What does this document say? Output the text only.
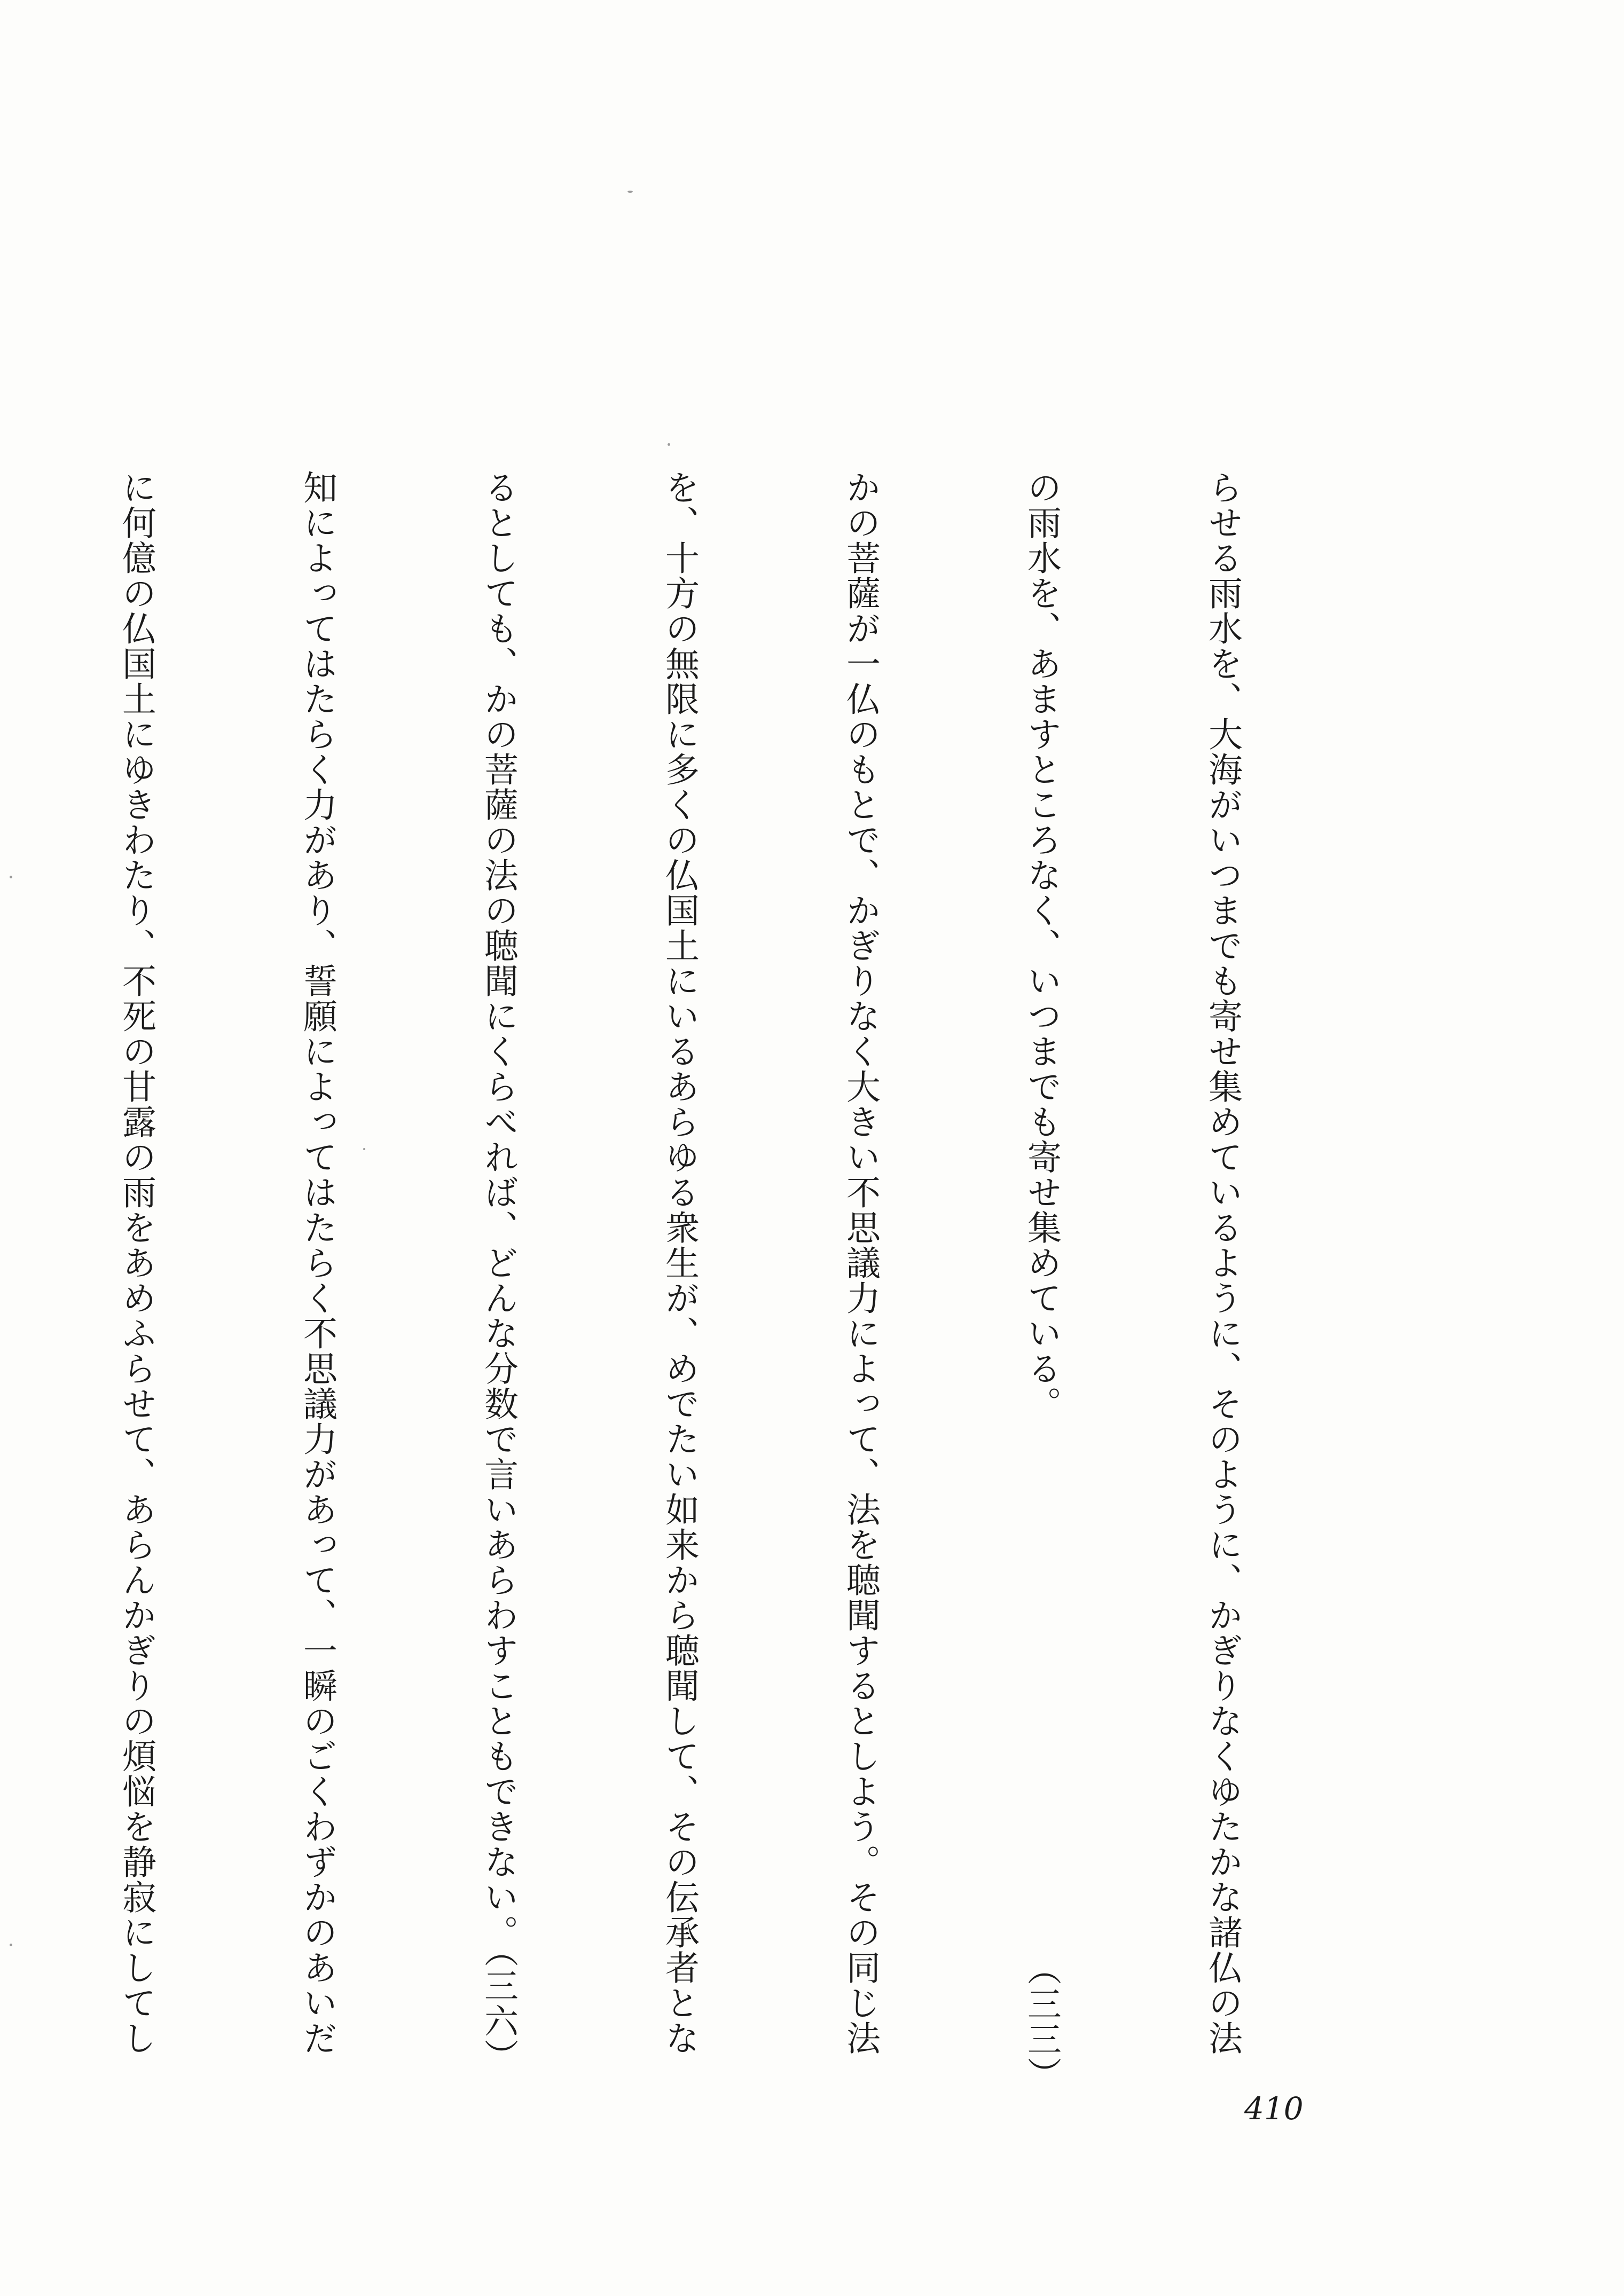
らせる雨水を、大海がいつまでも寄せ集めているように、そのように、かぎりなくゆたかな諸仏の法

の雨水を、あますところなく、いつまでも寄せ集めている。　　　　　　　　　　　　　　　　（三三）

かの菩薩が一仏のもとで、かぎりなく大きい不思議力によって、法を聴聞するとしよう。その同じ法

を、十方の無限に多くの仏国土にいるあらゆる衆生が、めでたい如来から聴聞して、その伝承者とな

るとしても、かの菩薩の法の聴聞にくらべれば、どんな分数で言いあらわすこともできない。（三六）

知によってはたらく力があり、誓願によってはたらく不思議力があって、一瞬のごくわずかのあいだ

に何億の仏国土にゆきわたり、不死の甘露の雨をあめふらせて、あらんかぎりの煩悩を静寂にしてし

410
